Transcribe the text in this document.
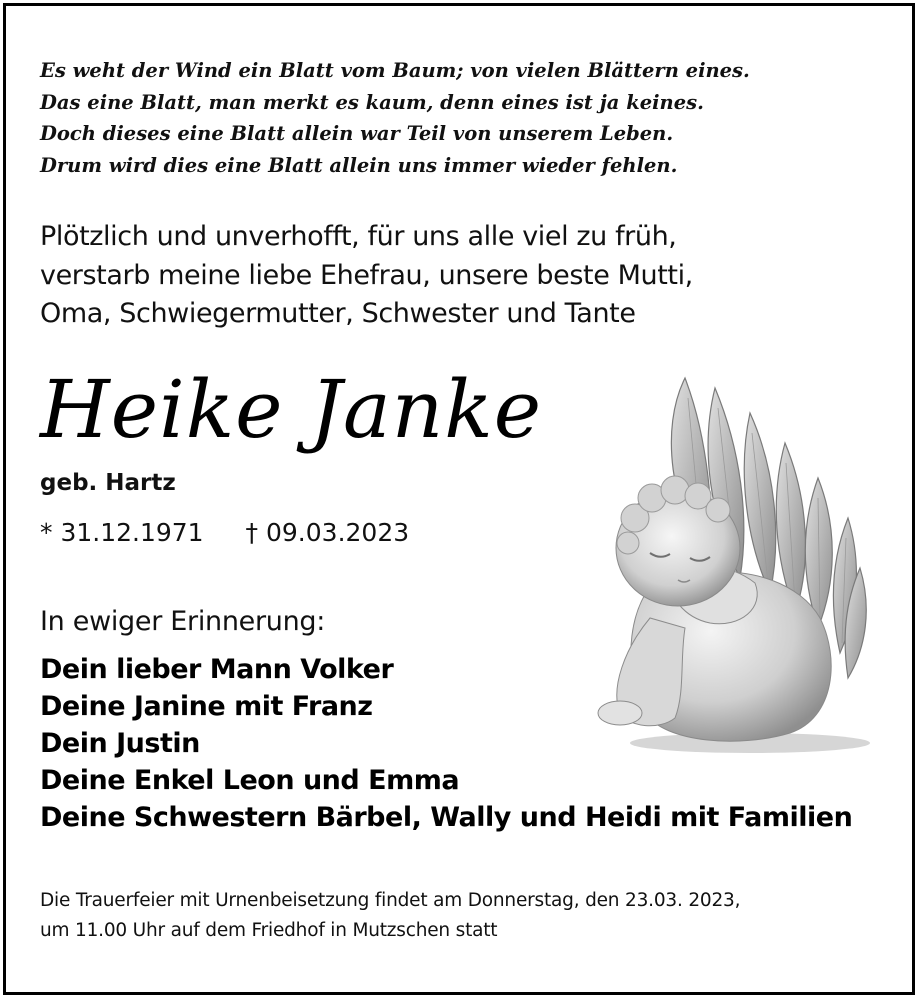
Es weht der Wind ein Blatt vom Baum; von vielen Blättern eines.
Das eine Blatt, man merkt es kaum, denn eines ist ja keines.
Doch dieses eine Blatt allein war Teil von unserem Leben.
Drum wird dies eine Blatt allein uns immer wieder fehlen.
Plötzlich und unverhofft, für uns alle viel zu früh,
verstarb meine liebe Ehefrau, unsere beste Mutti,
Oma, Schwiegermutter, Schwester und Tante
Heike Janke
geb. Hartz
* 31.12.1971 † 09.03.2023
In ewiger Erinnerung:
Dein lieber Mann Volker
Deine Janine mit Franz
Dein Justin
Deine Enkel Leon und Emma
Deine Schwestern Bärbel, Wally und Heidi mit Familien
Die Trauerfeier mit Urnenbeisetzung findet am Donnerstag, den 23.03. 2023,
um 11.00 Uhr auf dem Friedhof in Mutzschen statt
